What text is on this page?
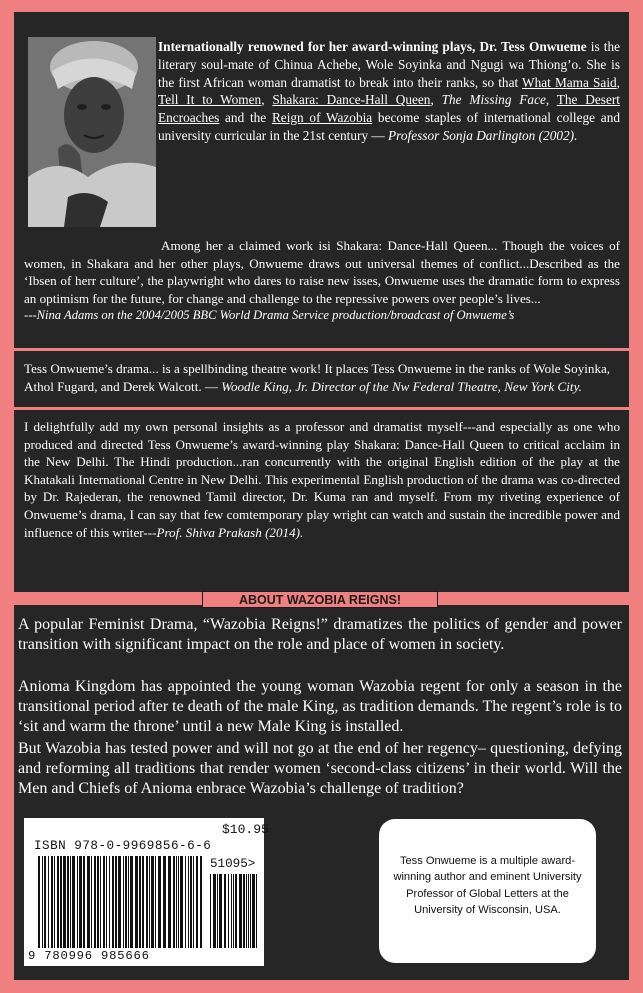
Internationally renowned for her award-winning plays, Dr. Tess Onwueme is the literary soul-mate of Chinua Achebe, Wole Soyinka and Ngugi wa Thiong’o. She is the first African woman dramatist to break into their ranks, so that What Mama Said, Tell It to Women, Shakara: Dance-Hall Queen, The Missing Face, The Desert Encroaches and the Reign of Wazobia become staples of international college and university curricular in the 21st century — Professor Sonja Darlington (2002).
Among her a claimed work isi Shakara: Dance-Hall Queen... Though the voices of women, in Shakara and her other plays, Onwueme draws out universal themes of conflict...Described as the ‘Ibsen of herr culture’, the playwright who dares to raise new isses, Onwueme uses the dramatic form to express an optimism for the future, for change and challenge to the repressive powers over people’s lives...
---Nina Adams on the 2004/2005 BBC World Drama Service production/broadcast of Onwueme’s
Tess Onwueme’s drama... is a spellbinding theatre work! It places Tess Onwueme in the ranks of Wole Soyinka, Athol Fugard, and Derek Walcott. — Woodle King, Jr. Director of the Nw Federal Theatre, New York City.
I delightfully add my own personal insights as a professor and dramatist myself---and especially as one who produced and directed Tess Onwueme’s award-winning play Shakara: Dance-Hall Queen to critical acclaim in the New Delhi. The Hindi production...ran concurrently with the original English edition of the play at the Khatakali International Centre in New Delhi. This experimental English production of the drama was co-directed by Dr. Rajederan, the renowned Tamil director, Dr. Kuma ran and myself. From my riveting experience of Onwueme’s drama, I can say that few comtemporary play wright can watch and sustain the incredible power and influence of this writer---Prof. Shiva Prakash (2014).
ABOUT WAZOBIA REIGNS!
A popular Feminist Drama, “Wazobia Reigns!” dramatizes the politics of gender and power transition with significant impact on the role and place of women in society.
Anioma Kingdom has appointed the young woman Wazobia regent for only a season in the transitional period after te death of the male King, as tradition demands. The regent’s role is to ‘sit and warm the throne’ until a new Male King is installed.
But Wazobia has tested power and will not go at the end of her regency– questioning, defying and reforming all traditions that render women ‘second-class citizens’ in their world. Will the Men and Chiefs of Anioma enbrace Wazobia’s challenge of tradition?
$10.95
ISBN 978-0-9969856-6-6
51095>
9 780996 985666
Tess Onwueme is a multiple award-winning author and eminent University Professor of Global Letters at the University of Wisconsin, USA.
